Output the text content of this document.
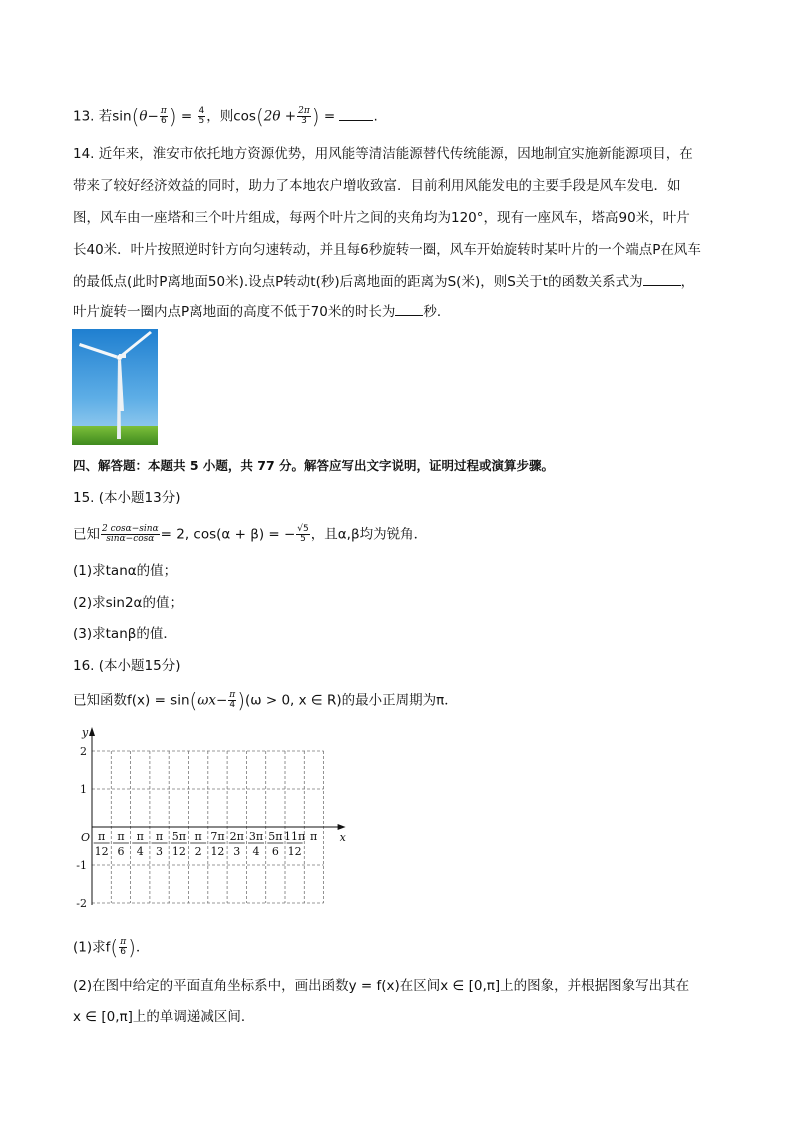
13. 若$\sin(\theta- \frac{\pi}{6}$ ) = $\frac{4}{5}$ ，则$\cos(2\theta + \frac{2\pi}{3}$ ) =	.
14. 近年来，淮安市依托地方资源优势，用风能等清洁能源替代传统能源，因地制宜实施新能源项目，在
带来了较好经济效益的同时，助力了本地农户增收致富．目前利用风能发电的主要手段是风车发电．如
图，风车由一座塔和三个叶片组成，每两个叶片之间的夹角均为120°，现有一座风车，塔高90米，叶片
长40米．叶片按照逆时针方向匀速转动，并且每6秒旋转一圈，风车开始旋转时某叶片的一个端点P在风车
的最低点(此时P离地面50米).设点P转动t(秒)后离地面的距离为S(米)，则S关于t的函数关系式为	，
叶片旋转一圈内点P离地面的高度不低于70米的时长为 秒．
四、解答题：本题共 5 小题，共 77 分。解答应写出文字说明，证明过程或演算步骤。
15. (本小题13分)
已知 $\frac{2 \cos\alpha-\sin\alpha}{\sin\alpha-\cos\alpha} = 2$, cos(α + β) = − $\frac{√5}{5}$ ，且α,β均为锐角．
(1)求tanα的值；
(2)求sin2α的值；
(3)求tanβ的值．
16. (本小题15分)
已知函数$f(x) = \sin(\omega x- \frac{\pi}{4} )(\omega > 0$, x ∈ R)的最小正周期为π．
y
x
O
2
1
-1
-2
π
12
π
6
π
4
π
3
5π
12
π
2
7π
12
2π
3
3π
4
5π
6
11π
12
π
(1)求$f( \frac{\pi}{6}$ )．
(2)在图中给定的平面直角坐标系中，画出函数y = f(x)在区间x ∈ [0,π]上的图象，并根据图象写出其在
x ∈ [0,π]上的单调递减区间．
